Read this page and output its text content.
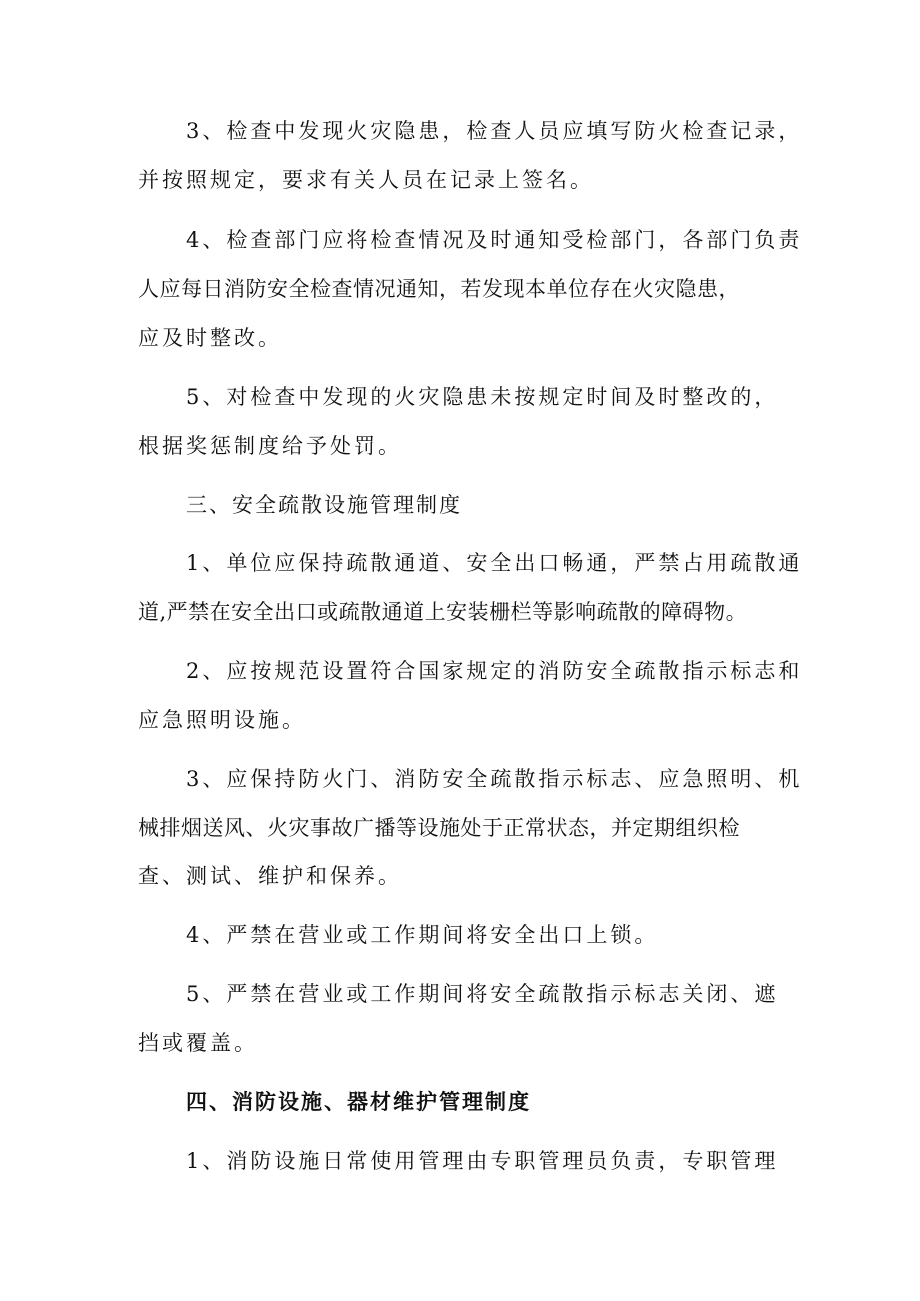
3、检查中发现火灾隐患，检查人员应填写防火检查记录，
并按照规定，要求有关人员在记录上签名。
4、检查部门应将检查情况及时通知受检部门，各部门负责
人应每日消防安全检查情况通知，若发现本单位存在火灾隐患，
应及时整改。
5、对检查中发现的火灾隐患未按规定时间及时整改的，
根据奖惩制度给予处罚。
三、安全疏散设施管理制度
1、单位应保持疏散通道、安全出口畅通，严禁占用疏散通
道,严禁在安全出口或疏散通道上安装栅栏等影响疏散的障碍物。
2、应按规范设置符合国家规定的消防安全疏散指示标志和
应急照明设施。
3、应保持防火门、消防安全疏散指示标志、应急照明、机
械排烟送风、火灾事故广播等设施处于正常状态，并定期组织检
查、测试、维护和保养。
4、严禁在营业或工作期间将安全出口上锁。
5、严禁在营业或工作期间将安全疏散指示标志关闭、遮
挡或覆盖。
四、消防设施、器材维护管理制度
1、消防设施日常使用管理由专职管理员负责，专职管理
